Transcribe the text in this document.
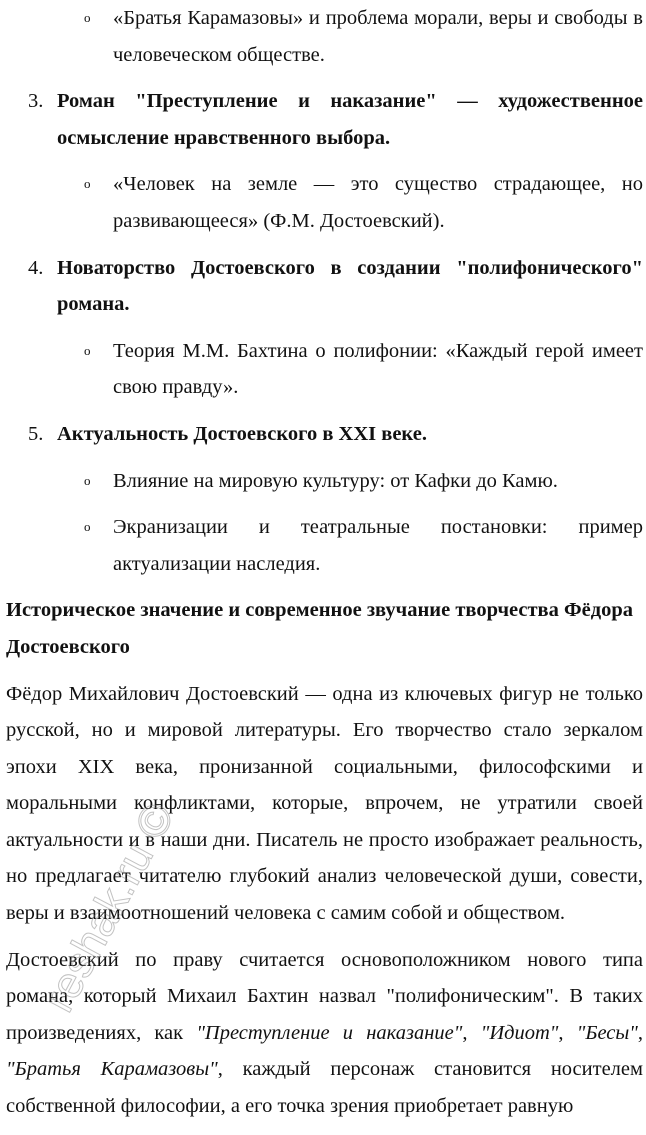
o «Братья Карамазовы» и проблема морали, веры и свободы в человеческом обществе.
3. Роман "Преступление и наказание" — художественное осмысление нравственного выбора.
o «Человек на земле — это существо страдающее, но развивающееся» (Ф.М. Достоевский).
4. Новаторство Достоевского в создании "полифонического" романа.
o Теория М.М. Бахтина о полифонии: «Каждый герой имеет свою правду».
5. Актуальность Достоевского в XXI веке.
o Влияние на мировую культуру: от Кафки до Камю.
o Экранизации и театральные постановки: пример актуализации наследия.

Историческое значение и современное звучание творчества Фёдора Достоевского

Фёдор Михайлович Достоевский — одна из ключевых фигур не только русской, но и мировой литературы. Его творчество стало зеркалом эпохи XIX века, пронизанной социальными, философскими и моральными конфликтами, которые, впрочем, не утратили своей актуальности и в наши дни. Писатель не просто изображает реальность, но предлагает читателю глубокий анализ человеческой души, совести, веры и взаимоотношений человека с самим собой и обществом.

Достоевский по праву считается основоположником нового типа романа, который Михаил Бахтин назвал "полифоническим". В таких произведениях, как "Преступление и наказание", "Идиот", "Бесы", "Братья Карамазовы", каждый персонаж становится носителем собственной философии, а его точка зрения приобретает равную

reshak.ru ©
